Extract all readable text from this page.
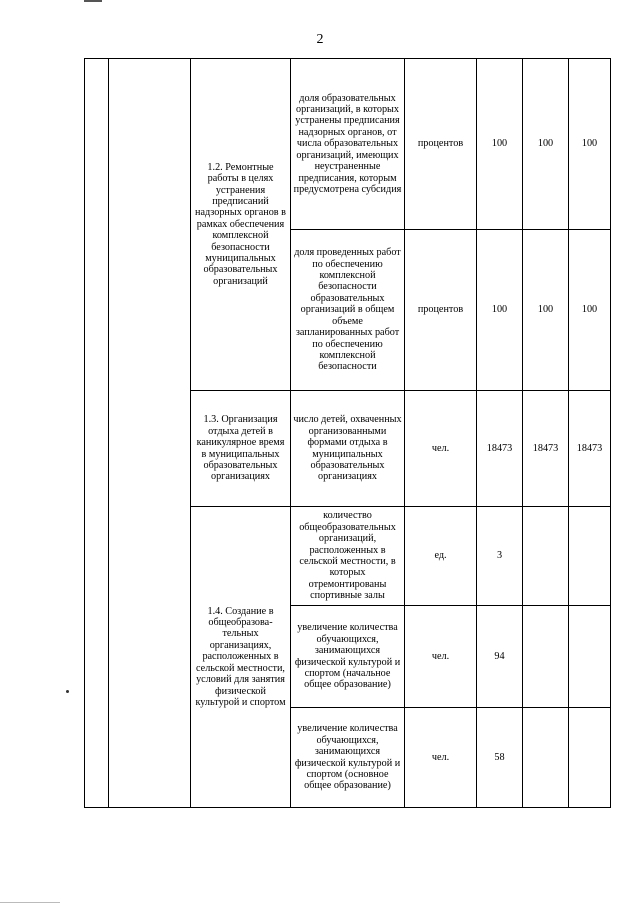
2
		1.2. Ремонтные работы в целях устранения предписаний надзорных органов в рамках обеспечения комплексной безопасности муниципальных образовательных организаций	доля образовательных организаций, в которых устранены предписания надзорных органов, от числа образовательных организаций, имеющих неустраненные предписания, которым предусмотрена субсидия	процентов	100	100	100
			доля проведенных работ по обеспечению комплексной безопасности образовательных организаций в общем объеме запланированных работ по обеспечению комплексной безопасности	процентов	100	100	100
		1.3. Организация отдыха детей в каникулярное время в муниципальных образовательных организациях	число детей, охваченных организованными формами отдыха в муниципальных образовательных организациях	чел.	18473	18473	18473
		1.4. Создание в общеобразова-тельных организациях, расположенных в сельской местности, условий для занятия физической культурой и спортом	количество общеобразовательных организаций, расположенных в сельской местности, в которых отремонтированы спортивные залы	ед.	3		
			увеличение количества обучающихся, занимающихся физической культурой и спортом (начальное общее образование)	чел.	94		
			увеличение количества обучающихся, занимающихся физической культурой и спортом (основное общее образование)	чел.	58		
